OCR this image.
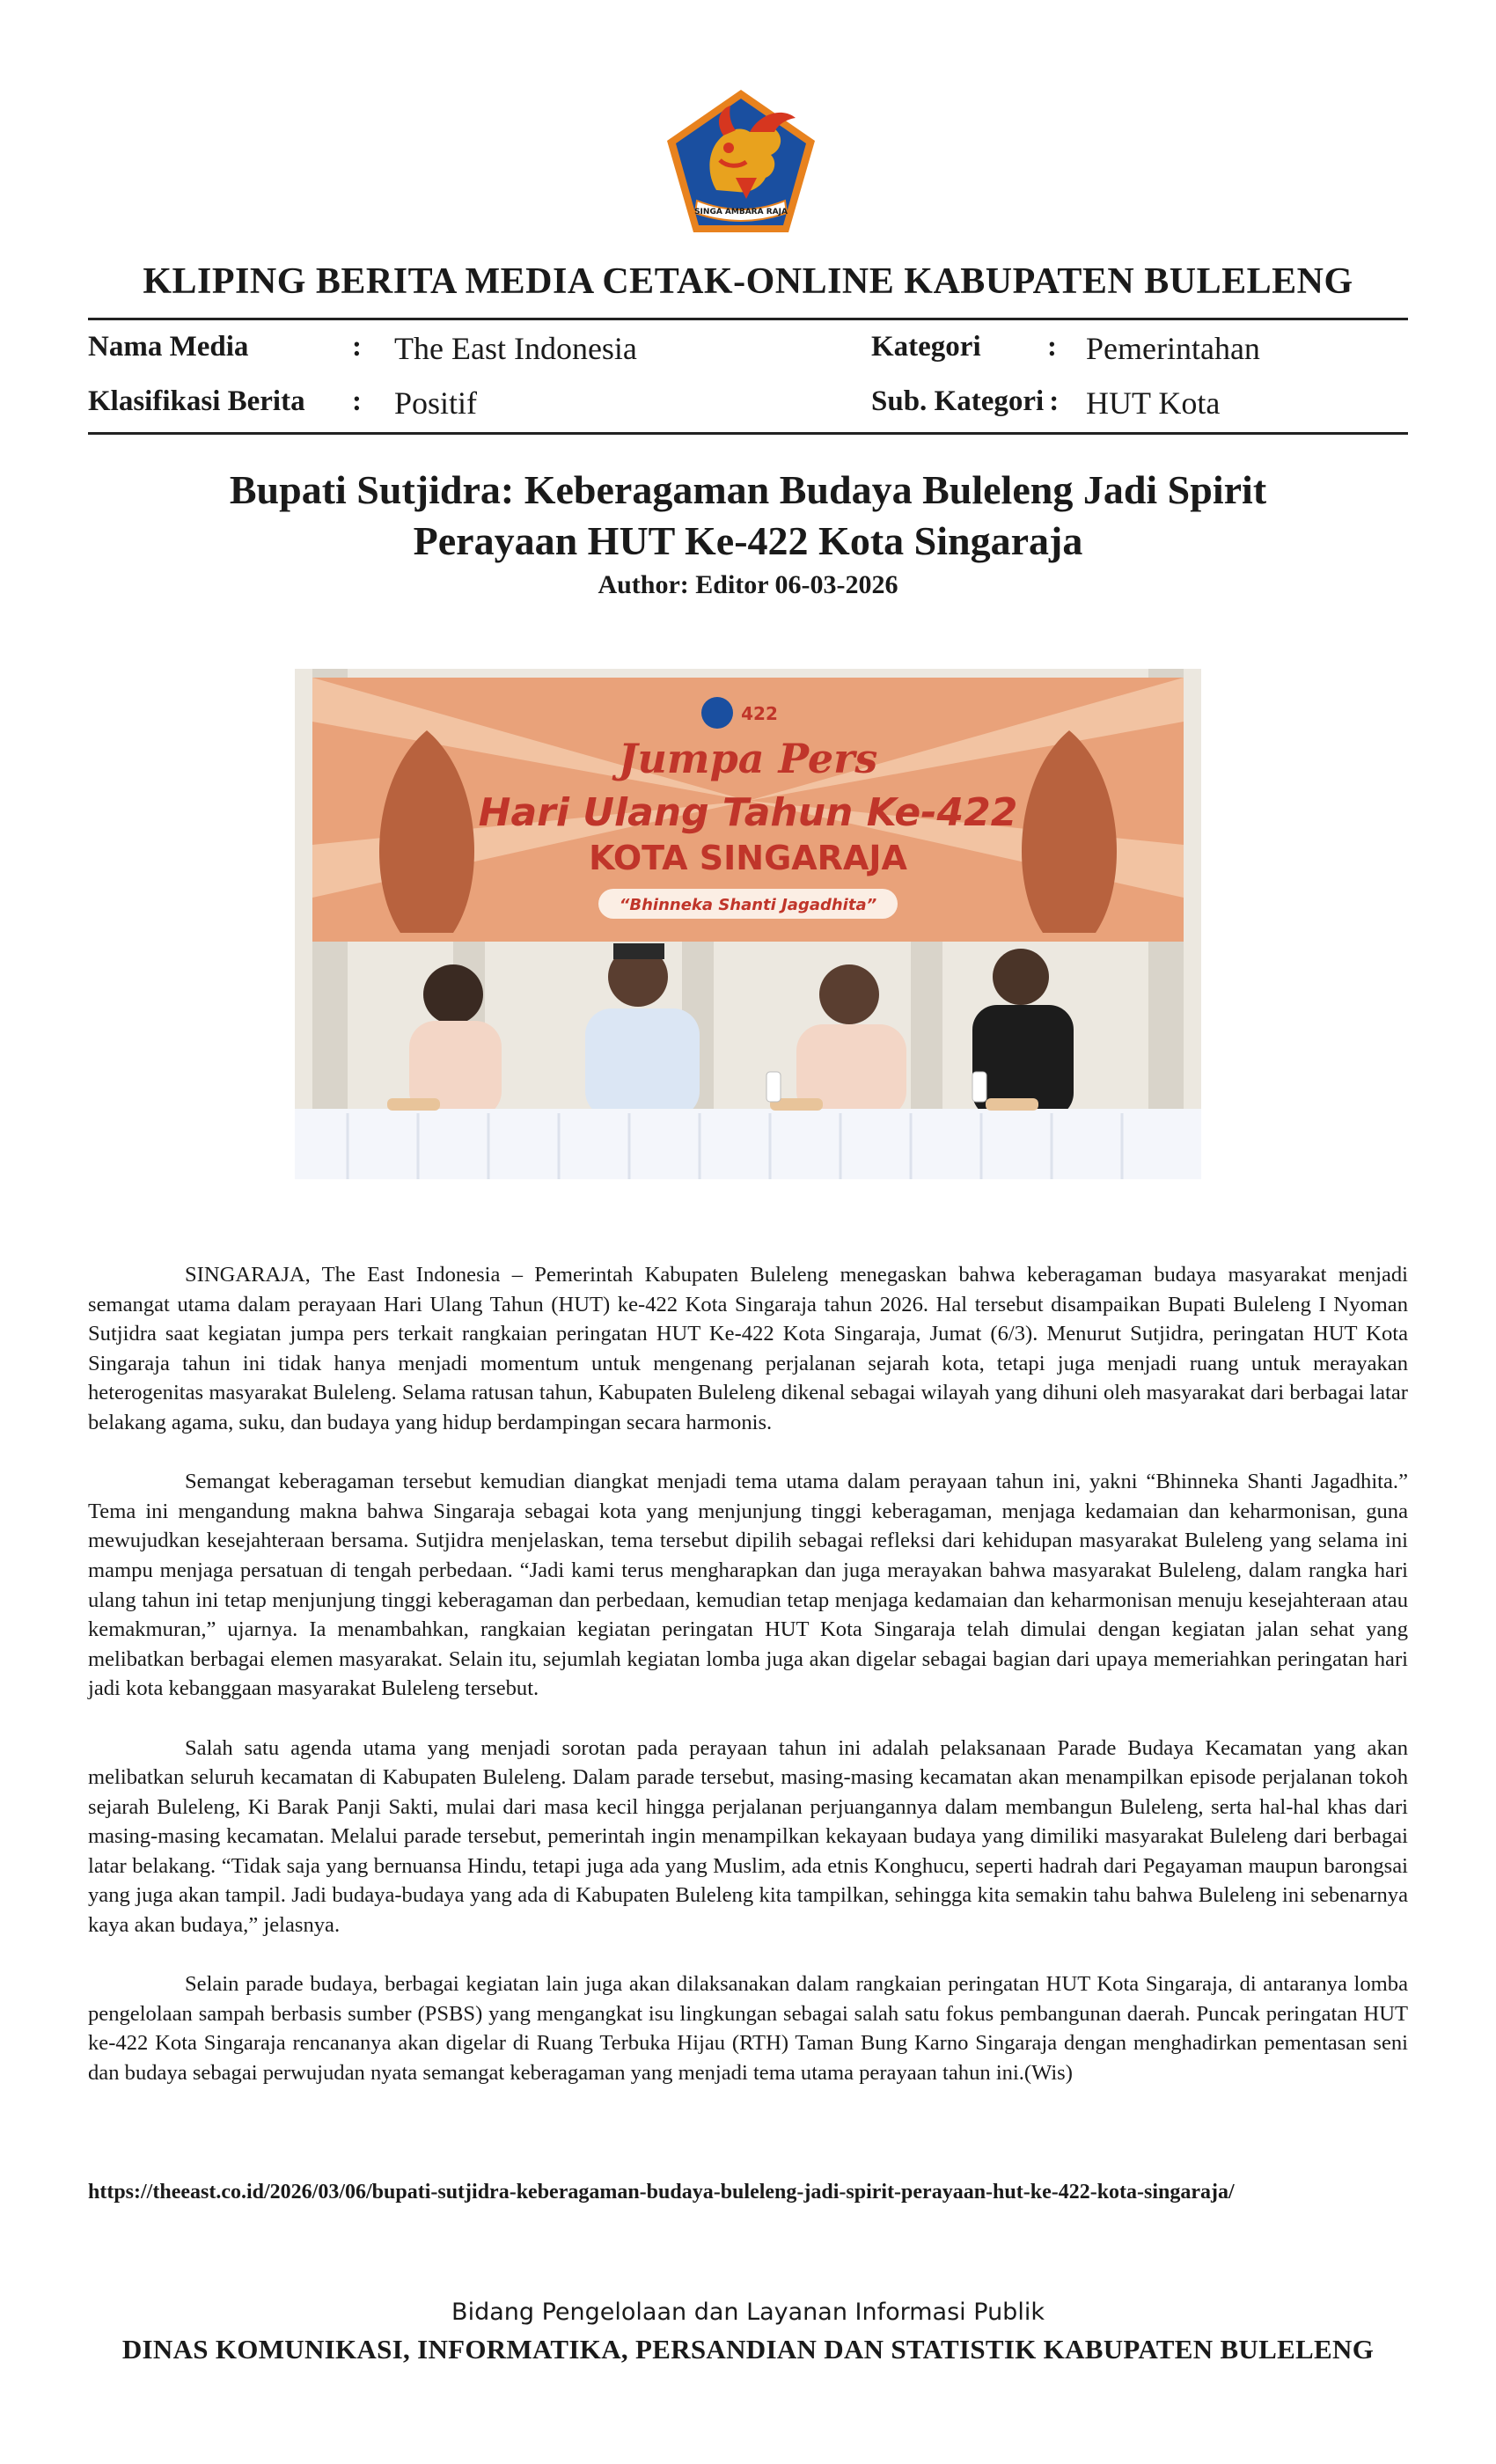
SINGA AMBARA RAJA
KLIPING BERITA MEDIA CETAK-ONLINE KABUPATEN BULELENG
Nama Media	: The East Indonesia	Kategori : Pemerintahan
Klasifikasi Berita : Positif	Sub. Kategori : HUT Kota
Bupati Sutjidra: Keberagaman Budaya Buleleng Jadi Spirit
Perayaan HUT Ke-422 Kota Singaraja
Author: Editor 06-03-2026
422
Jumpa Pers
Hari Ulang Tahun Ke-422
KOTA SINGARAJA
“Bhinneka Shanti Jagadhita”

SINGARAJA, The East Indonesia – Pemerintah Kabupaten Buleleng menegaskan bahwa keberagaman budaya masyarakat menjadi semangat utama dalam perayaan Hari Ulang Tahun (HUT) ke-422 Kota Singaraja tahun 2026. Hal tersebut disampaikan Bupati Buleleng I Nyoman Sutjidra saat kegiatan jumpa pers terkait rangkaian peringatan HUT Ke-422 Kota Singaraja, Jumat (6/3). Menurut Sutjidra, peringatan HUT Kota Singaraja tahun ini tidak hanya menjadi momentum untuk mengenang perjalanan sejarah kota, tetapi juga menjadi ruang untuk merayakan heterogenitas masyarakat Buleleng. Selama ratusan tahun, Kabupaten Buleleng dikenal sebagai wilayah yang dihuni oleh masyarakat dari berbagai latar belakang agama, suku, dan budaya yang hidup berdampingan secara harmonis.

Semangat keberagaman tersebut kemudian diangkat menjadi tema utama dalam perayaan tahun ini, yakni “Bhinneka Shanti Jagadhita.” Tema ini mengandung makna bahwa Singaraja sebagai kota yang menjunjung tinggi keberagaman, menjaga kedamaian dan keharmonisan, guna mewujudkan kesejahteraan bersama. Sutjidra menjelaskan, tema tersebut dipilih sebagai refleksi dari kehidupan masyarakat Buleleng yang selama ini mampu menjaga persatuan di tengah perbedaan. “Jadi kami terus mengharapkan dan juga merayakan bahwa masyarakat Buleleng, dalam rangka hari ulang tahun ini tetap menjunjung tinggi keberagaman dan perbedaan, kemudian tetap menjaga kedamaian dan keharmonisan menuju kesejahteraan atau kemakmuran,” ujarnya. Ia menambahkan, rangkaian kegiatan peringatan HUT Kota Singaraja telah dimulai dengan kegiatan jalan sehat yang melibatkan berbagai elemen masyarakat. Selain itu, sejumlah kegiatan lomba juga akan digelar sebagai bagian dari upaya memeriahkan peringatan hari jadi kota kebanggaan masyarakat Buleleng tersebut.

Salah satu agenda utama yang menjadi sorotan pada perayaan tahun ini adalah pelaksanaan Parade Budaya Kecamatan yang akan melibatkan seluruh kecamatan di Kabupaten Buleleng. Dalam parade tersebut, masing-masing kecamatan akan menampilkan episode perjalanan tokoh sejarah Buleleng, Ki Barak Panji Sakti, mulai dari masa kecil hingga perjalanan perjuangannya dalam membangun Buleleng, serta hal-hal khas dari masing-masing kecamatan. Melalui parade tersebut, pemerintah ingin menampilkan kekayaan budaya yang dimiliki masyarakat Buleleng dari berbagai latar belakang. “Tidak saja yang bernuansa Hindu, tetapi juga ada yang Muslim, ada etnis Konghucu, seperti hadrah dari Pegayaman maupun barongsai yang juga akan tampil. Jadi budaya-budaya yang ada di Kabupaten Buleleng kita tampilkan, sehingga kita semakin tahu bahwa Buleleng ini sebenarnya kaya akan budaya,” jelasnya.

Selain parade budaya, berbagai kegiatan lain juga akan dilaksanakan dalam rangkaian peringatan HUT Kota Singaraja, di antaranya lomba pengelolaan sampah berbasis sumber (PSBS) yang mengangkat isu lingkungan sebagai salah satu fokus pembangunan daerah. Puncak peringatan HUT ke-422 Kota Singaraja rencananya akan digelar di Ruang Terbuka Hijau (RTH) Taman Bung Karno Singaraja dengan menghadirkan pementasan seni dan budaya sebagai perwujudan nyata semangat keberagaman yang menjadi tema utama perayaan tahun ini.(Wis)

https://theeast.co.id/2026/03/06/bupati-sutjidra-keberagaman-budaya-buleleng-jadi-spirit-perayaan-hut-ke-422-kota-singaraja/
Bidang Pengelolaan dan Layanan Informasi Publik
DINAS KOMUNIKASI, INFORMATIKA, PERSANDIAN DAN STATISTIK KABUPATEN BULELENG
